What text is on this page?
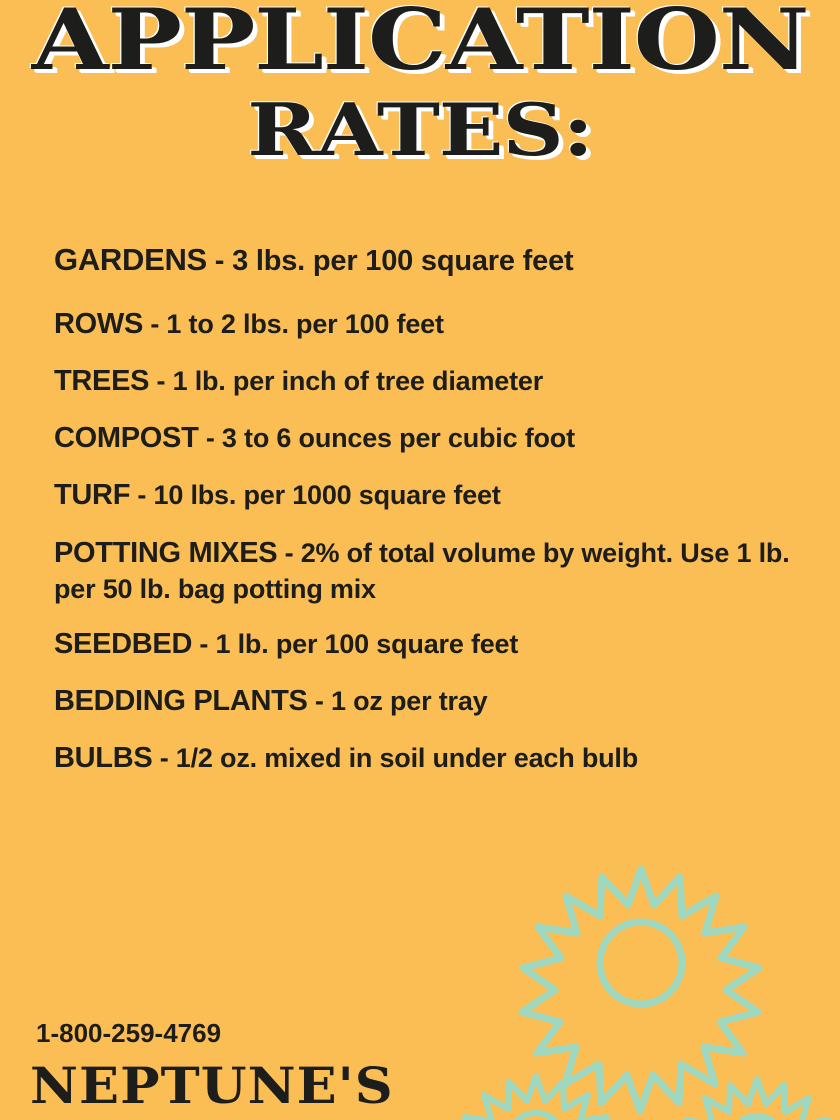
APPLICATION
RATES:
GARDENS - 3 lbs. per 100 square feet
ROWS - 1 to 2 lbs. per 100 feet
TREES - 1 lb. per inch of tree diameter
COMPOST - 3 to 6 ounces per cubic foot
TURF - 10 lbs. per 1000 square feet
POTTING MIXES - 2% of total volume by weight. Use 1 lb. per 50 lb. bag potting mix
SEEDBED - 1 lb. per 100 square feet
BEDDING PLANTS - 1 oz per tray
BULBS - 1/2 oz. mixed in soil under each bulb
1-800-259-4769
NEPTUNE'S
